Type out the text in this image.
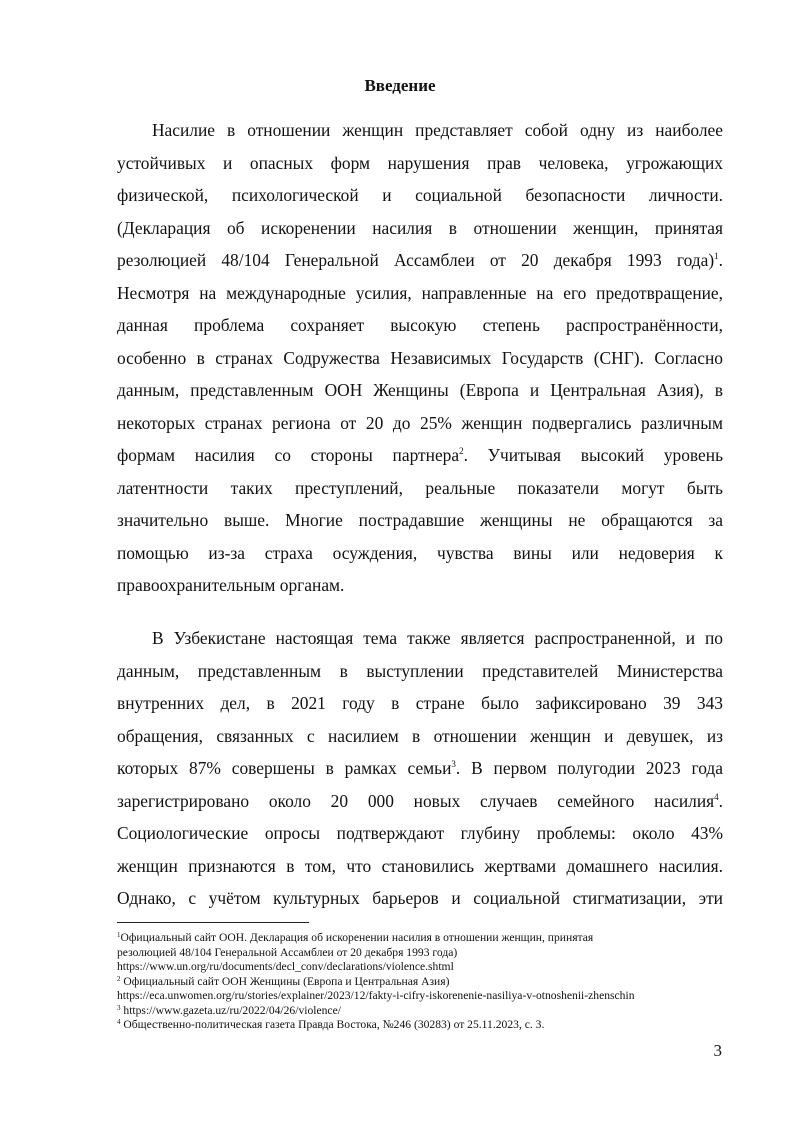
Введение
Насилие в отношении женщин представляет собой одну из наиболее
устойчивых и опасных форм нарушения прав человека, угрожающих
физической, психологической и социальной безопасности личности.
(Декларация об искоренении насилия в отношении женщин, принятая
резолюцией 48/104 Генеральной Ассамблеи от 20 декабря 1993 года)$^1$.
Несмотря на международные усилия, направленные на его предотвращение,
данная проблема сохраняет высокую степень распространённости,
особенно в странах Содружества Независимых Государств (СНГ). Согласно
данным, представленным ООН Женщины (Европа и Центральная Азия), в
некоторых странах региона от 20 до 25% женщин подвергались различным
формам насилия со стороны партнера$^2$. Учитывая высокий уровень
латентности таких преступлений, реальные показатели могут быть
значительно выше. Многие пострадавшие женщины не обращаются за
помощью из-за страха осуждения, чувства вины или недоверия к
правоохранительным органам.
В Узбекистане настоящая тема также является распространенной, и по
данным, представленным в выступлении представителей Министерства
внутренних дел, в 2021 году в стране было зафиксировано 39 343
обращения, связанных с насилием в отношении женщин и девушек, из
которых 87% совершены в рамках семьи$^3$. В первом полугодии 2023 года
зарегистрировано около 20 000 новых случаев семейного насилия$^4$.
Социологические опросы подтверждают глубину проблемы: около 43%
женщин признаются в том, что становились жертвами домашнего насилия.
Однако, с учётом культурных барьеров и социальной стигматизации, эти
$^1$Официальный сайт ООН. Декларация об искоренении насилия в отношении женщин, принятая
резолюцией 48/104 Генеральной Ассамблеи от 20 декабря 1993 года)
https://www.un.org/ru/documents/decl_conv/declarations/violence.shtml
$^2$ Официальный сайт ООН Женщины (Европа и Центральная Азия)
https://eca.unwomen.org/ru/stories/explainer/2023/12/fakty-i-cifry-iskorenenie-nasiliya-v-otnoshenii-zhenschin
$^3$ https://www.gazeta.uz/ru/2022/04/26/violence/
$^4$ Общественно-политическая газета Правда Востока, №246 (30283) от 25.11.2023, с. 3.
3
